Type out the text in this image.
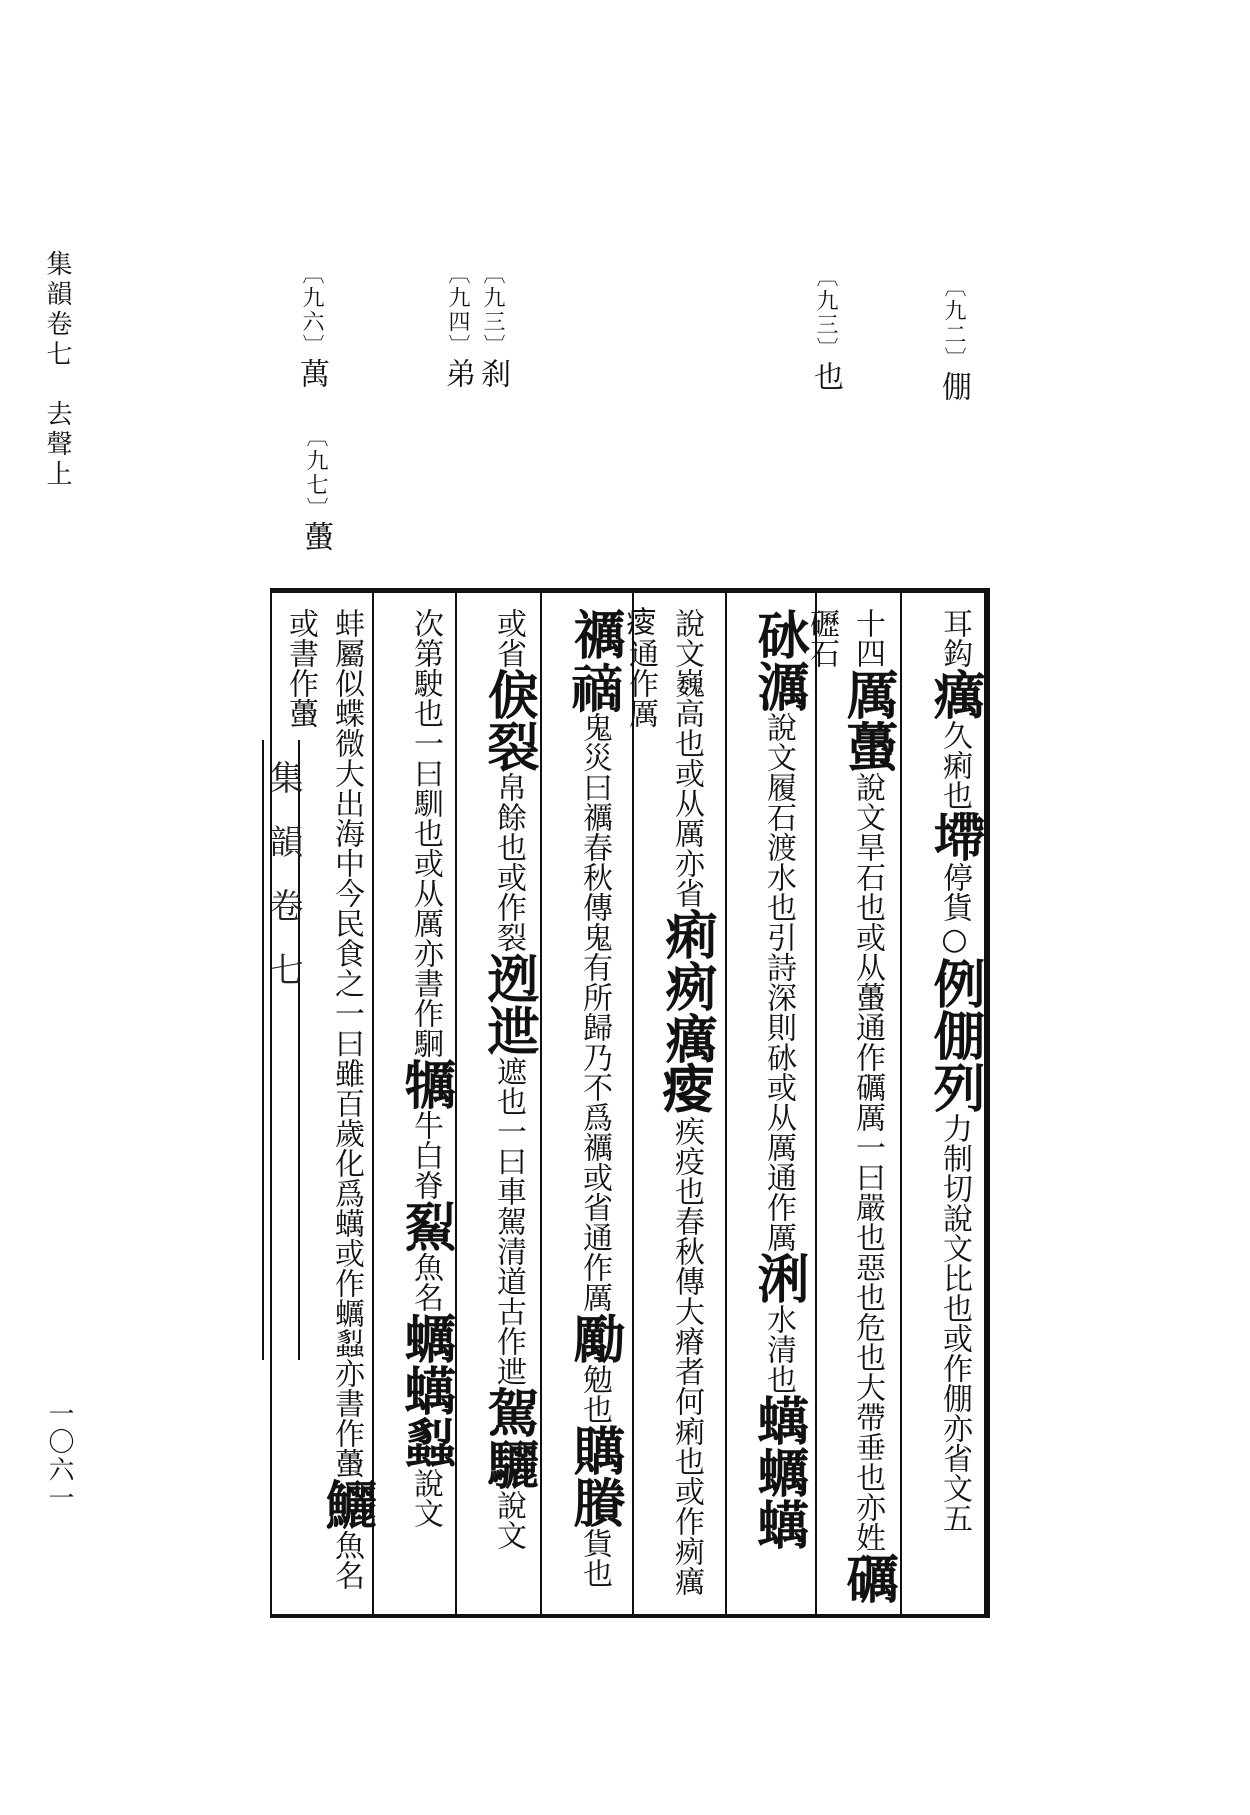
集韻卷七　去聲上
一〇六一
〔九二〕倗
〔九三〕也
〔九三〕刹
〔九四〕弟
〔九六〕萬
〔九七〕蠆
集韻卷七
耳鈎癘久痢也墆停貨○例倗列力制切說文比也或作倗亦省文五
十四厲蠆說文旱石也或从蠆通作礪厲一曰嚴也惡也危也大帶垂也亦姓礪礰石
砅濿說文履石渡水也引詩深則砅或从厲通作厲浰水清也蠇蠣蠇
說文巍高也或从厲亦省痢㾐癘𤸃疾疫也春秋傳大瘠者何痢也或作㾐癘𤸃通作厲
禲𥛚鬼災曰禲春秋傳鬼有所歸乃不爲禲或省通作厲勵勉也贎賸貨也
或省㑦裂帛餘也或作裂迾迣遮也一曰車駕清道古作迣駕驪說文
次第駛也一曰馴也或从厲亦書作駉犡牛白脊鮤魚名蠣蠇蠫說文
蚌屬似蝶微大出海中今民食之一曰雖百歲化爲蠇或作蠣蠫亦書作蠆鱺魚名或書作蠆
